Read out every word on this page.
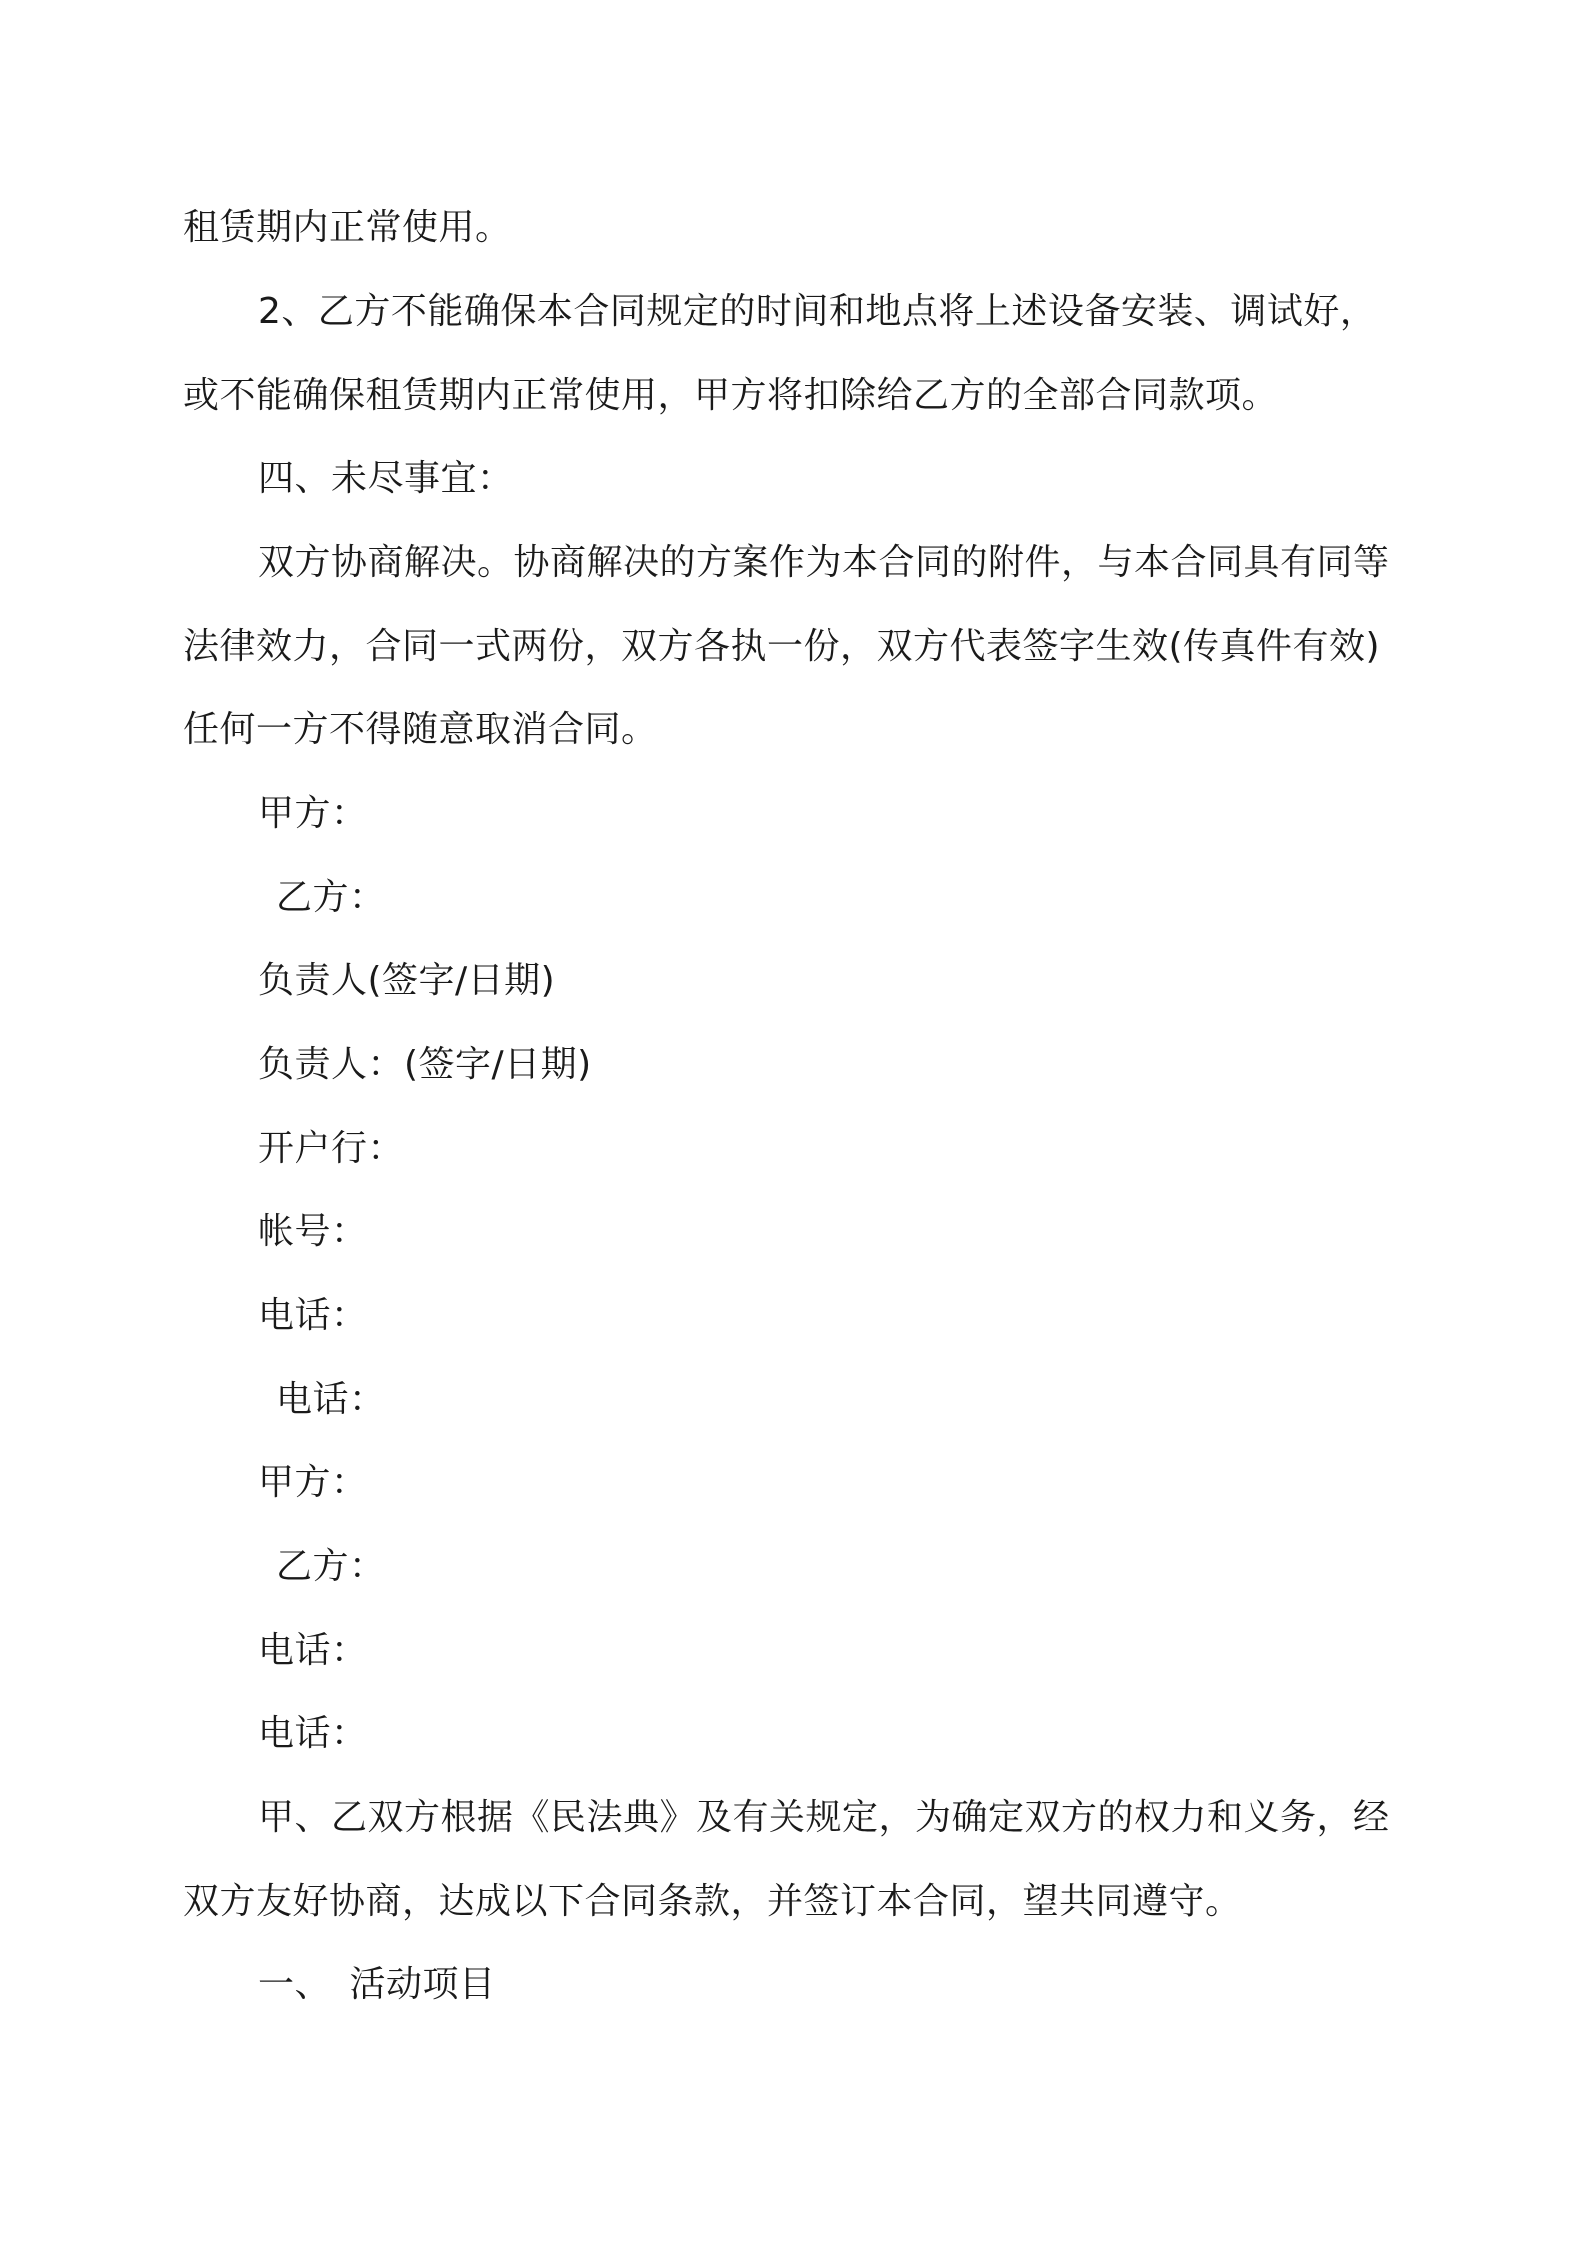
租赁期内正常使用。
2、乙方不能确保本合同规定的时间和地点将上述设备安装、调试好，
或不能确保租赁期内正常使用，甲方将扣除给乙方的全部合同款项。
四、未尽事宜：
双方协商解决。协商解决的方案作为本合同的附件，与本合同具有同等
法律效力，合同一式两份，双方各执一份，双方代表签字生效(传真件有效)
任何一方不得随意取消合同。
甲方：
乙方：
负责人(签字/日期)
负责人：(签字/日期)
开户行：
帐号：
电话：
电话：
甲方：
乙方：
电话：
电话：
甲、乙双方根据《民法典》及有关规定，为确定双方的权力和义务，经
双方友好协商，达成以下合同条款，并签订本合同，望共同遵守。
一、　活动项目
